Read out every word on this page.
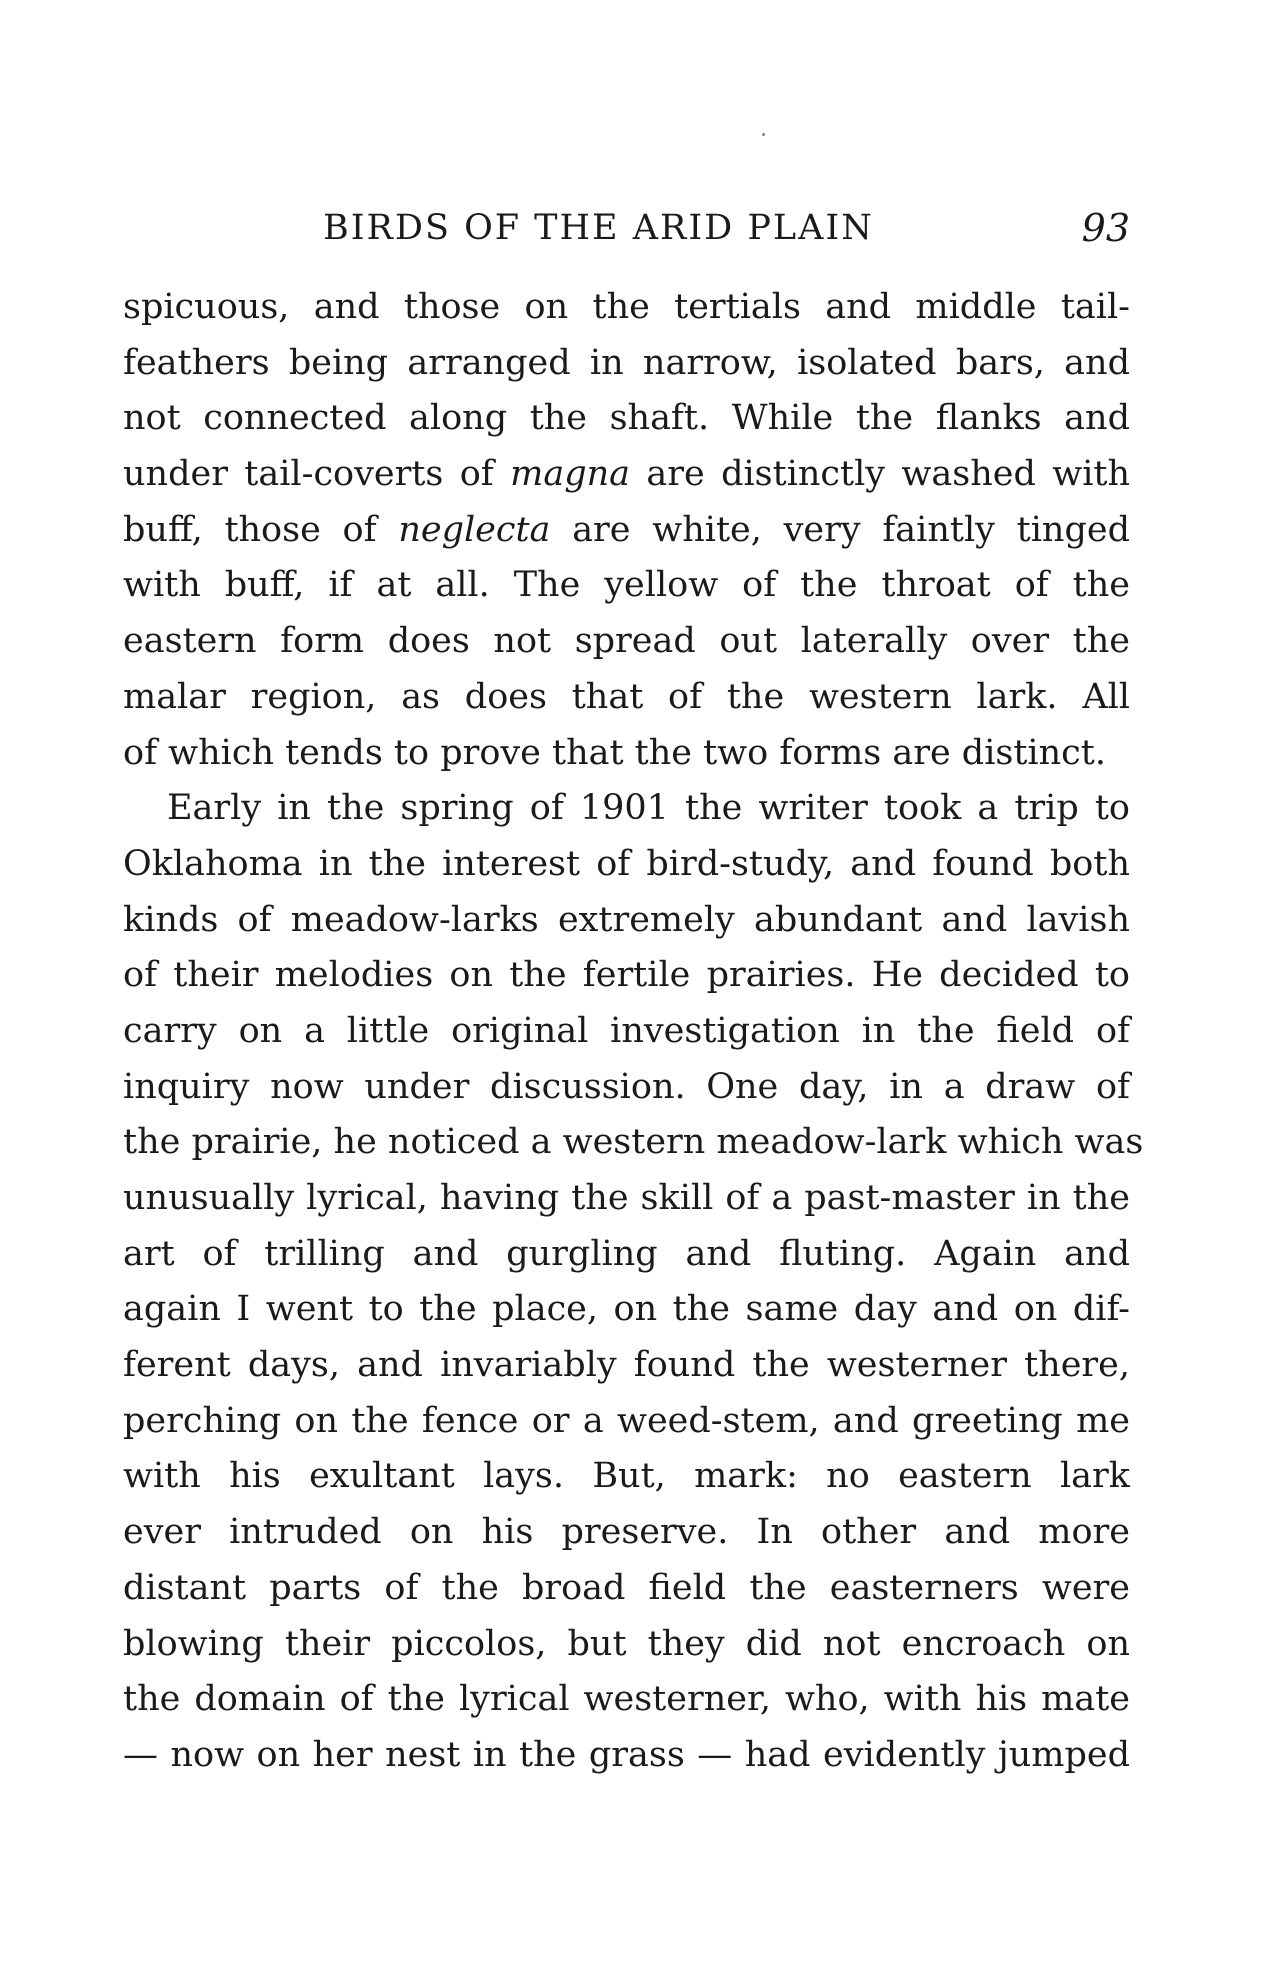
BIRDS OF THE ARID PLAIN	93
spicuous, and those on the tertials and middle tail-
feathers being arranged in narrow, isolated bars, and
not connected along the shaft. While the flanks and
under tail-coverts of magna are distinctly washed with
buff, those of neglecta are white, very faintly tinged
with buff, if at all. The yellow of the throat of the
eastern form does not spread out laterally over the
malar region, as does that of the western lark. All
of which tends to prove that the two forms are distinct.
Early in the spring of 1901 the writer took a trip to
Oklahoma in the interest of bird-study, and found both
kinds of meadow-larks extremely abundant and lavish
of their melodies on the fertile prairies. He decided to
carry on a little original investigation in the field of
inquiry now under discussion. One day, in a draw of
the prairie, he noticed a western meadow-lark which was
unusually lyrical, having the skill of a past-master in the
art of trilling and gurgling and fluting. Again and
again I went to the place, on the same day and on dif-
ferent days, and invariably found the westerner there,
perching on the fence or a weed-stem, and greeting me
with his exultant lays. But, mark: no eastern lark
ever intruded on his preserve. In other and more
distant parts of the broad field the easterners were
blowing their piccolos, but they did not encroach on
the domain of the lyrical westerner, who, with his mate
— now on her nest in the grass — had evidently jumped
